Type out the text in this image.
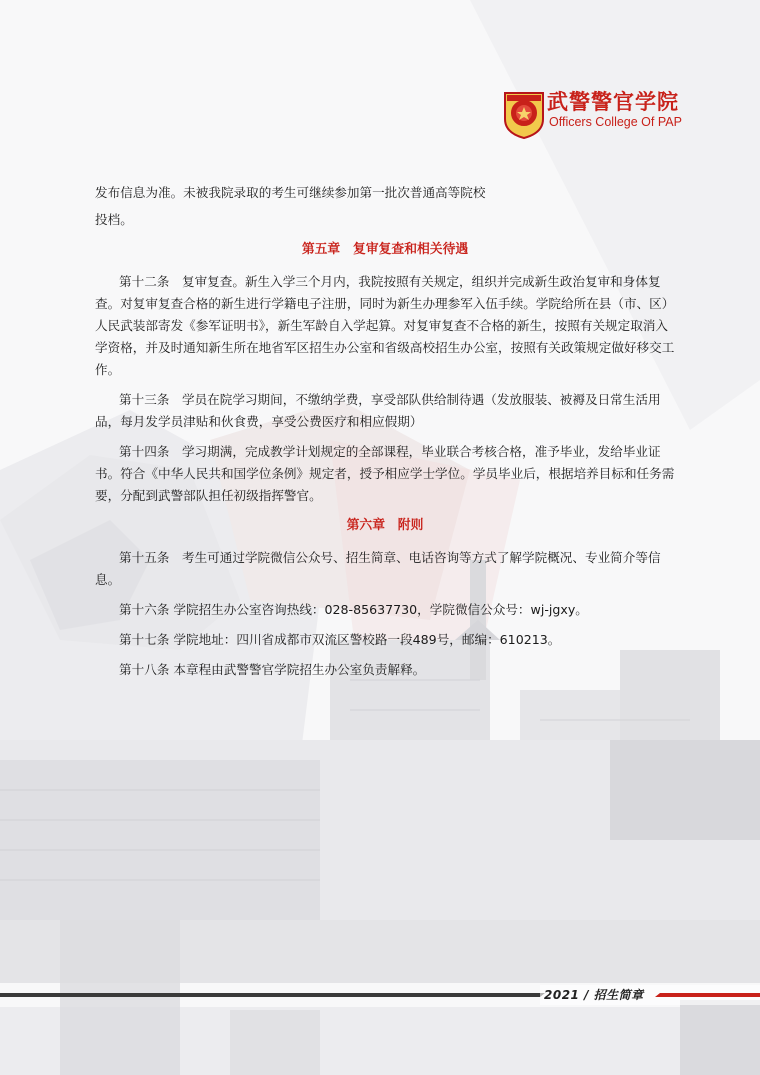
武警警官学院
Officers College Of PAP

发布信息为准。未被我院录取的考生可继续参加第一批次普通高等院校

投档。

第五章　复审复查和相关待遇

第十二条　复审复查。新生入学三个月内，我院按照有关规定，组织并完成新生政治复审和身体复查。对复审复查合格的新生进行学籍电子注册，同时为新生办理参军入伍手续。学院给所在县（市、区）人民武装部寄发《参军证明书》，新生军龄自入学起算。对复审复查不合格的新生，按照有关规定取消入学资格，并及时通知新生所在地省军区招生办公室和省级高校招生办公室，按照有关政策规定做好移交工作。

第十三条　学员在院学习期间，不缴纳学费，享受部队供给制待遇（发放服装、被褥及日常生活用品，每月发学员津贴和伙食费，享受公费医疗和相应假期）

第十四条　学习期满，完成教学计划规定的全部课程，毕业联合考核合格，准予毕业，发给毕业证书。符合《中华人民共和国学位条例》规定者，授予相应学士学位。学员毕业后，根据培养目标和任务需要，分配到武警部队担任初级指挥警官。

第六章　附则

第十五条　考生可通过学院微信公众号、招生简章、电话咨询等方式了解学院概况、专业简介等信息。

第十六条 学院招生办公室咨询热线：028-85637730，学院微信公众号：wj-jgxy。

第十七条 学院地址：四川省成都市双流区警校路一段489号，邮编：610213。

第十八条 本章程由武警警官学院招生办公室负责解释。

2021 / 招生简章
